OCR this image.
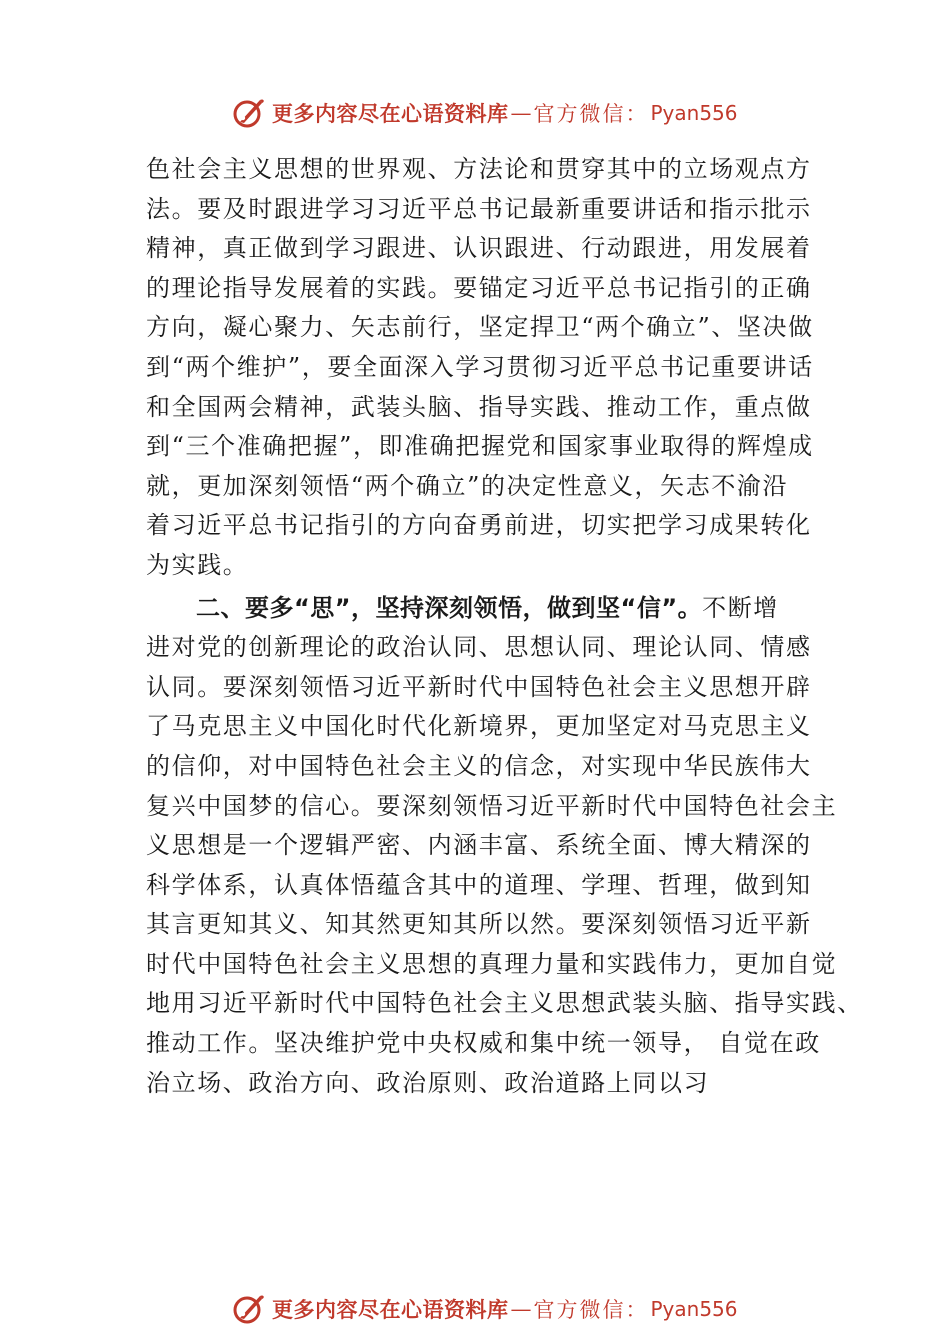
更多内容尽在心语资料库 — 官方微信： Pyan556
色社会主义思想的世界观、方法论和贯穿其中的立场观点方
法。要及时跟进学习习近平总书记最新重要讲话和指示批示
精神，真正做到学习跟进、认识跟进、行动跟进，用发展着
的理论指导发展着的实践。要锚定习近平总书记指引的正确
方向，凝心聚力、矢志前行，坚定捍卫“两个确立”、坚决做
到“两个维护”，要全面深入学习贯彻习近平总书记重要讲话
和全国两会精神，武装头脑、指导实践、推动工作，重点做
到“三个准确把握”，即准确把握党和国家事业取得的辉煌成
就，更加深刻领悟“两个确立”的决定性意义，矢志不渝沿
着习近平总书记指引的方向奋勇前进，切实把学习成果转化
为实践。
二、要多“思”，坚持深刻领悟，做到坚“信”。不断增
进对党的创新理论的政治认同、思想认同、理论认同、情感
认同。要深刻领悟习近平新时代中国特色社会主义思想开辟
了马克思主义中国化时代化新境界，更加坚定对马克思主义
的信仰，对中国特色社会主义的信念，对实现中华民族伟大
复兴中国梦的信心。要深刻领悟习近平新时代中国特色社会主
义思想是一个逻辑严密、内涵丰富、系统全面、博大精深的
科学体系，认真体悟蕴含其中的道理、学理、哲理，做到知
其言更知其义、知其然更知其所以然。要深刻领悟习近平新
时代中国特色社会主义思想的真理力量和实践伟力，更加自觉
地用习近平新时代中国特色社会主义思想武装头脑、指导实践、
推动工作。坚决维护党中央权威和集中统一领导， 自觉在政
治立场、政治方向、政治原则、政治道路上同以习
更多内容尽在心语资料库 — 官方微信： Pyan556
